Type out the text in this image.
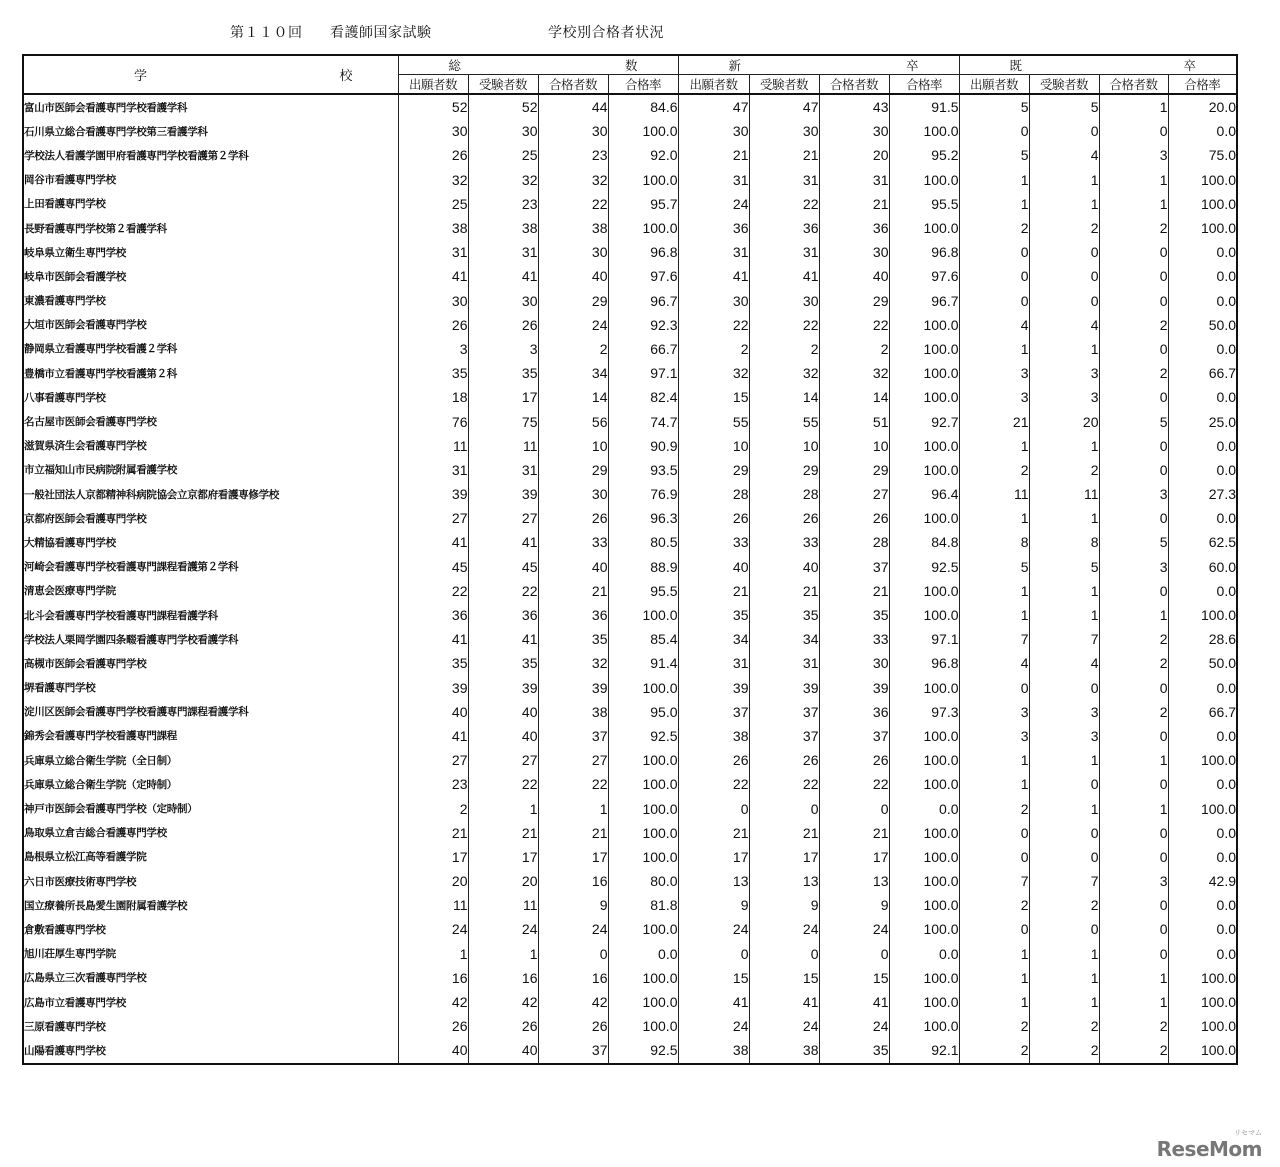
第１１０回 看護師国家試験	学校別合格者状況
学 校	総 数				新 卒				既 卒			

	出願者数	受験者数	合格者数	合格率	出願者数	受験者数	合格者数	合格率	出願者数	受験者数	合格者数	合格率
富山市医師会看護専門学校看護学科	52	52	44	84.6	47	47	43	91.5	5	5	1	20.0
石川県立総合看護専門学校第三看護学科	30	30	30	100.0	30	30	30	100.0	0	0	0	0.0
学校法人看護学園甲府看護専門学校看護第２学科	26	25	23	92.0	21	21	20	95.2	5	4	3	75.0
岡谷市看護専門学校	32	32	32	100.0	31	31	31	100.0	1	1	1	100.0
上田看護専門学校	25	23	22	95.7	24	22	21	95.5	1	1	1	100.0
長野看護専門学校第２看護学科	38	38	38	100.0	36	36	36	100.0	2	2	2	100.0
岐阜県立衛生専門学校	31	31	30	96.8	31	31	30	96.8	0	0	0	0.0
岐阜市医師会看護学校	41	41	40	97.6	41	41	40	97.6	0	0	0	0.0
東濃看護専門学校	30	30	29	96.7	30	30	29	96.7	0	0	0	0.0
大垣市医師会看護専門学校	26	26	24	92.3	22	22	22	100.0	4	4	2	50.0
静岡県立看護専門学校看護２学科	3	3	2	66.7	2	2	2	100.0	1	1	0	0.0
豊橋市立看護専門学校看護第２科	35	35	34	97.1	32	32	32	100.0	3	3	2	66.7
八事看護専門学校	18	17	14	82.4	15	14	14	100.0	3	3	0	0.0
名古屋市医師会看護専門学校	76	75	56	74.7	55	55	51	92.7	21	20	5	25.0
滋賀県済生会看護専門学校	11	11	10	90.9	10	10	10	100.0	1	1	0	0.0
市立福知山市民病院附属看護学校	31	31	29	93.5	29	29	29	100.0	2	2	0	0.0
一般社団法人京都精神科病院協会立京都府看護専修学校	39	39	30	76.9	28	28	27	96.4	11	11	3	27.3
京都府医師会看護専門学校	27	27	26	96.3	26	26	26	100.0	1	1	0	0.0
大精協看護専門学校	41	41	33	80.5	33	33	28	84.8	8	8	5	62.5
河崎会看護専門学校看護専門課程看護第２学科	45	45	40	88.9	40	40	37	92.5	5	5	3	60.0
清恵会医療専門学院	22	22	21	95.5	21	21	21	100.0	1	1	0	0.0
北斗会看護専門学校看護専門課程看護学科	36	36	36	100.0	35	35	35	100.0	1	1	1	100.0
学校法人栗岡学園四条畷看護専門学校看護学科	41	41	35	85.4	34	34	33	97.1	7	7	2	28.6
高槻市医師会看護専門学校	35	35	32	91.4	31	31	30	96.8	4	4	2	50.0
堺看護専門学校	39	39	39	100.0	39	39	39	100.0	0	0	0	0.0
淀川区医師会看護専門学校看護専門課程看護学科	40	40	38	95.0	37	37	36	97.3	3	3	2	66.7
錦秀会看護専門学校看護専門課程	41	40	37	92.5	38	37	37	100.0	3	3	0	0.0
兵庫県立総合衛生学院（全日制）	27	27	27	100.0	26	26	26	100.0	1	1	1	100.0
兵庫県立総合衛生学院（定時制）	23	22	22	100.0	22	22	22	100.0	1	0	0	0.0
神戸市医師会看護専門学校（定時制）	2	1	1	100.0	0	0	0	0.0	2	1	1	100.0
鳥取県立倉吉総合看護専門学校	21	21	21	100.0	21	21	21	100.0	0	0	0	0.0
島根県立松江高等看護学院	17	17	17	100.0	17	17	17	100.0	0	0	0	0.0
六日市医療技術専門学校	20	20	16	80.0	13	13	13	100.0	7	7	3	42.9
国立療養所長島愛生園附属看護学校	11	11	9	81.8	9	9	9	100.0	2	2	0	0.0
倉敷看護専門学校	24	24	24	100.0	24	24	24	100.0	0	0	0	0.0
旭川荘厚生専門学院	1	1	0	0.0	0	0	0	0.0	1	1	0	0.0
広島県立三次看護専門学校	16	16	16	100.0	15	15	15	100.0	1	1	1	100.0
広島市立看護専門学校	42	42	42	100.0	41	41	41	100.0	1	1	1	100.0
三原看護専門学校	26	26	26	100.0	24	24	24	100.0	2	2	2	100.0
山陽看護専門学校	40	40	37	92.5	38	38	35	92.1	2	2	2	100.0
リセマム
ReseMom
